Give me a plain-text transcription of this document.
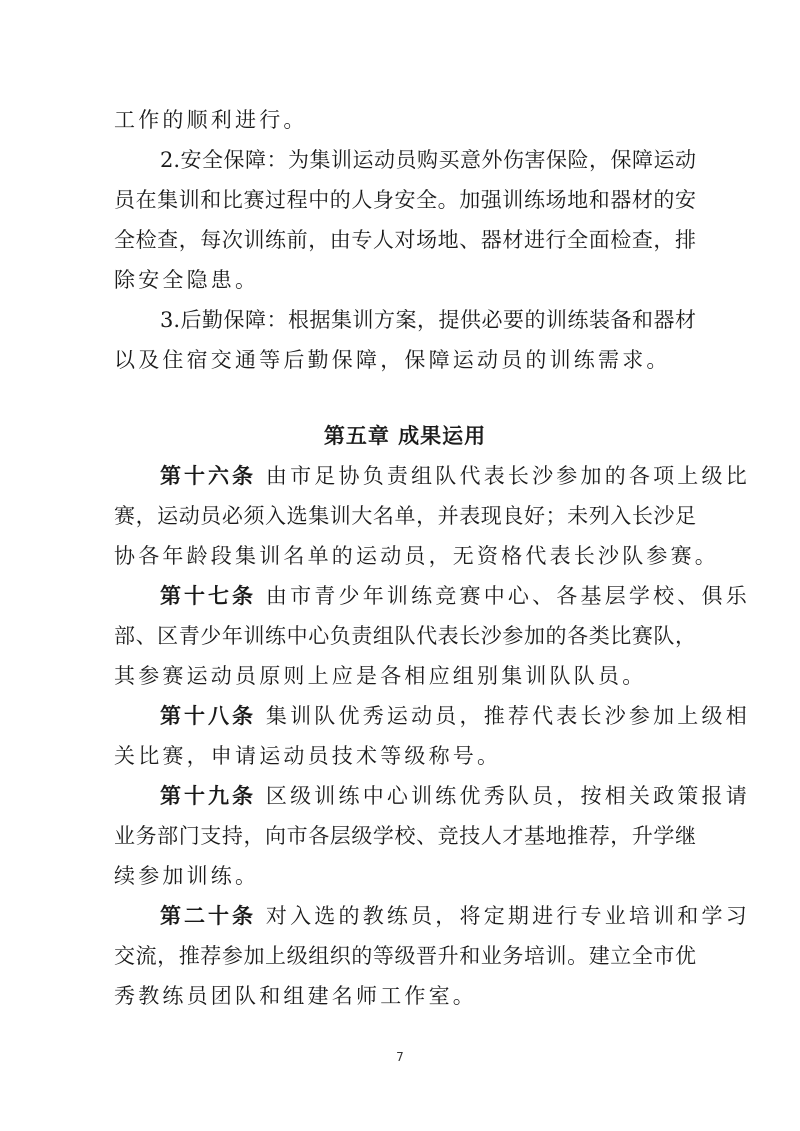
工作的顺利进行。
2.安全保障：为集训运动员购买意外伤害保险，保障运动
员在集训和比赛过程中的人身安全。加强训练场地和器材的安
全检查，每次训练前，由专人对场地、器材进行全面检查，排
除安全隐患。
3.后勤保障：根据集训方案，提供必要的训练装备和器材
以及住宿交通等后勤保障，保障运动员的训练需求。
第五章 成果运用
第十六条 由市足协负责组队代表长沙参加的各项上级比
赛，运动员必须入选集训大名单，并表现良好；未列入长沙足
协各年龄段集训名单的运动员，无资格代表长沙队参赛。
第十七条 由市青少年训练竞赛中心、各基层学校、俱乐
部、区青少年训练中心负责组队代表长沙参加的各类比赛队，
其参赛运动员原则上应是各相应组别集训队队员。
第十八条 集训队优秀运动员，推荐代表长沙参加上级相
关比赛，申请运动员技术等级称号。
第十九条 区级训练中心训练优秀队员，按相关政策报请
业务部门支持，向市各层级学校、竞技人才基地推荐，升学继
续参加训练。
第二十条 对入选的教练员，将定期进行专业培训和学习
交流，推荐参加上级组织的等级晋升和业务培训。建立全市优
秀教练员团队和组建名师工作室。
7
